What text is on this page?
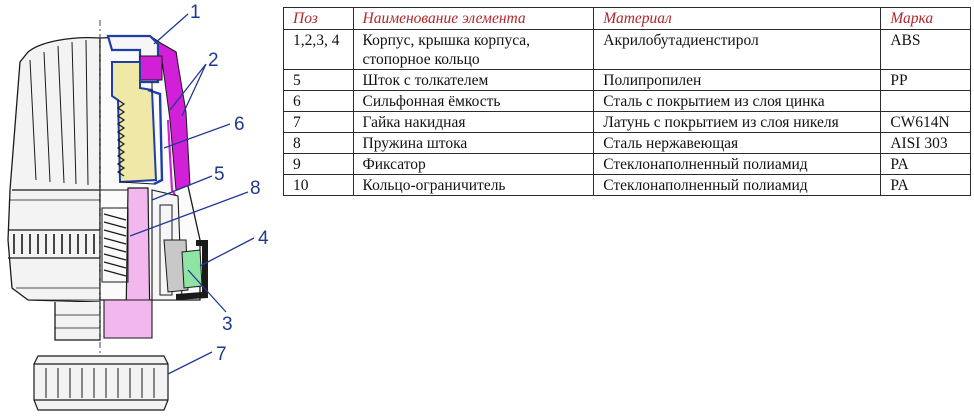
1
2
6
5
8
4
3
7
Поз	Наименование элемента	Материал	Марка
1,2,3, 4	Корпус, крышка корпуса, стопорное кольцо	Акрилобутадиенстирол	ABS
5	Шток с толкателем	Полипропилен	PP
6	Сильфонная ёмкость	Сталь с покрытием из слоя цинка	
7	Гайка накидная	Латунь с покрытием из слоя никеля	CW614N
8	Пружина штока	Сталь нержавеющая	AISI 303
9	Фиксатор	Стеклонаполненный полиамид	PA
10	Кольцо-ограничитель	Стеклонаполненный полиамид	PA
